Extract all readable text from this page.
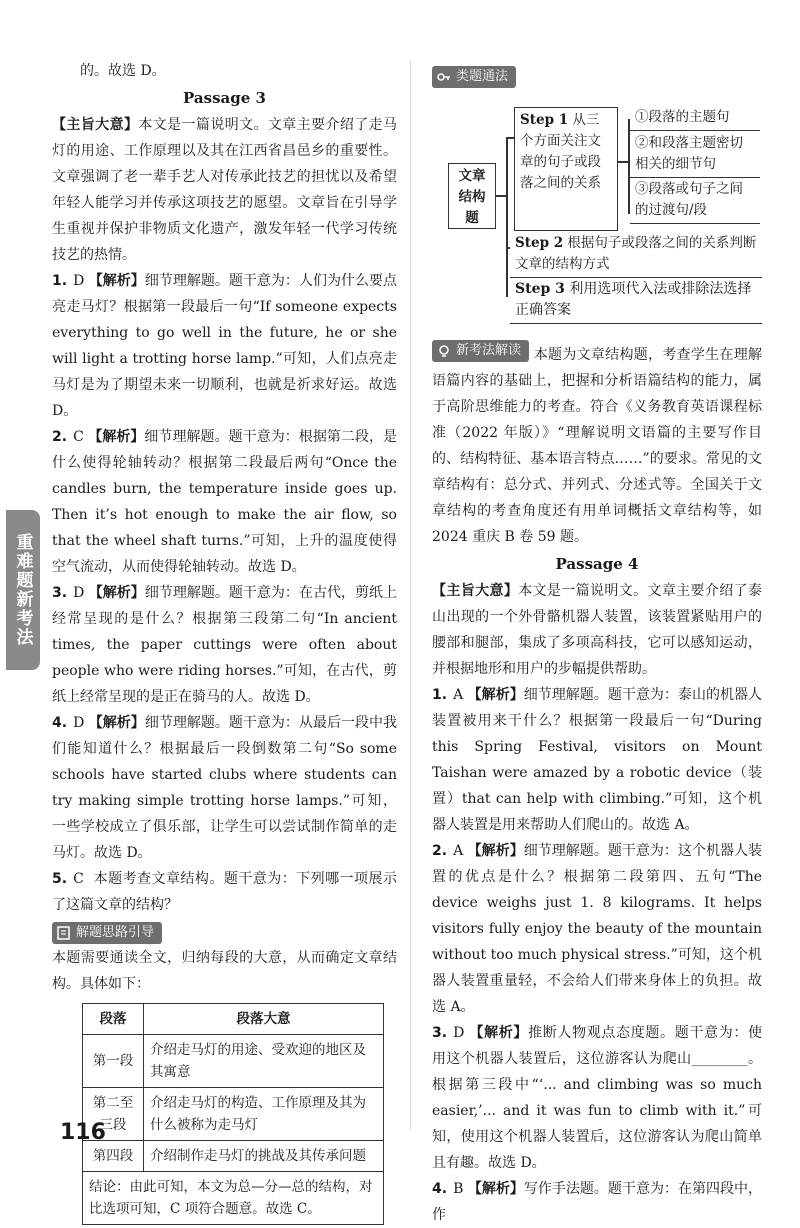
的。故选 D。
Passage 3
【主旨大意】本文是一篇说明文。文章主要介绍了走马灯的用途、工作原理以及其在江西省昌邑乡的重要性。文章强调了老一辈手艺人对传承此技艺的担忧以及希望年轻人能学习并传承这项技艺的愿望。文章旨在引导学生重视并保护非物质文化遗产，激发年轻一代学习传统技艺的热情。
1. D 【解析】细节理解题。题干意为：人们为什么要点亮走马灯？根据第一段最后一句“If someone expects everything to go well in the future, he or she will light a trotting horse lamp.”可知，人们点亮走马灯是为了期望未来一切顺利，也就是祈求好运。故选 D。
2. C 【解析】细节理解题。题干意为：根据第二段，是什么使得轮轴转动？根据第二段最后两句“Once the candles burn, the temperature inside goes up. Then it’s hot enough to make the air flow, so that the wheel shaft turns.”可知，上升的温度使得空气流动，从而使得轮轴转动。故选 D。
3. D 【解析】细节理解题。题干意为：在古代，剪纸上经常呈现的是什么？根据第三段第二句“In ancient times, the paper cuttings were often about people who were riding horses.”可知，在古代，剪纸上经常呈现的是正在骑马的人。故选 D。
4. D 【解析】细节理解题。题干意为：从最后一段中我们能知道什么？根据最后一段倒数第二句“So some schools have started clubs where students can try making simple trotting horse lamps.”可知，一些学校成立了俱乐部，让学生可以尝试制作简单的走马灯。故选 D。
5. C 本题考查文章结构。题干意为：下列哪一项展示了这篇文章的结构？
解题思路引导
本题需要通读全文，归纳每段的大意，从而确定文章结构。具体如下：
段落	段落大意
第一段	介绍走马灯的用途、受欢迎的地区及其寓意
第二至三段	介绍走马灯的构造、工作原理及其为什么被称为走马灯
第四段	介绍制作走马灯的挑战及其传承问题
结论：由此可知，本文为总—分—总的结构，对比选项可知，C 项符合题意。故选 C。	
类题通法
文章结构题
Step 1 从三个方面关注文章的句子或段落之间的关系
①段落的主题句
②和段落主题密切相关的细节句
③段落或句子之间的过渡句/段
Step 2 根据句子或段落之间的关系判断文章的结构方式
Step 3 利用选项代入法或排除法选择正确答案
新考法解读 本题为文章结构题，考查学生在理解语篇内容的基础上，把握和分析语篇结构的能力，属于高阶思维能力的考查。符合《义务教育英语课程标准（2022 年版）》“理解说明文语篇的主要写作目的、结构特征、基本语言特点……”的要求。常见的文章结构有：总分式、并列式、分述式等。全国关于文章结构的考查角度还有用单词概括文章结构等，如 2024 重庆 B 卷 59 题。
Passage 4
【主旨大意】本文是一篇说明文。文章主要介绍了泰山出现的一个外骨骼机器人装置，该装置紧贴用户的腰部和腿部，集成了多项高科技，它可以感知运动，并根据地形和用户的步幅提供帮助。
1. A 【解析】细节理解题。题干意为：泰山的机器人装置被用来干什么？根据第一段最后一句“During this Spring Festival, visitors on Mount Taishan were amazed by a robotic device（装置）that can help with climbing.”可知，这个机器人装置是用来帮助人们爬山的。故选 A。
2. A 【解析】细节理解题。题干意为：这个机器人装置的优点是什么？根据第二段第四、五句“The device weighs just 1. 8 kilograms. It helps visitors fully enjoy the beauty of the mountain without too much physical stress.”可知，这个机器人装置重量轻，不会给人们带来身体上的负担。故选 A。
3. D 【解析】推断人物观点态度题。题干意为：使用这个机器人装置后，这位游客认为爬山________。根据第三段中“‘... and climbing was so much easier,’... and it was fun to climb with it.”可知，使用这个机器人装置后，这位游客认为爬山简单且有趣。故选 D。
4. B 【解析】写作手法题。题干意为：在第四段中，作
重难题新考法
116
